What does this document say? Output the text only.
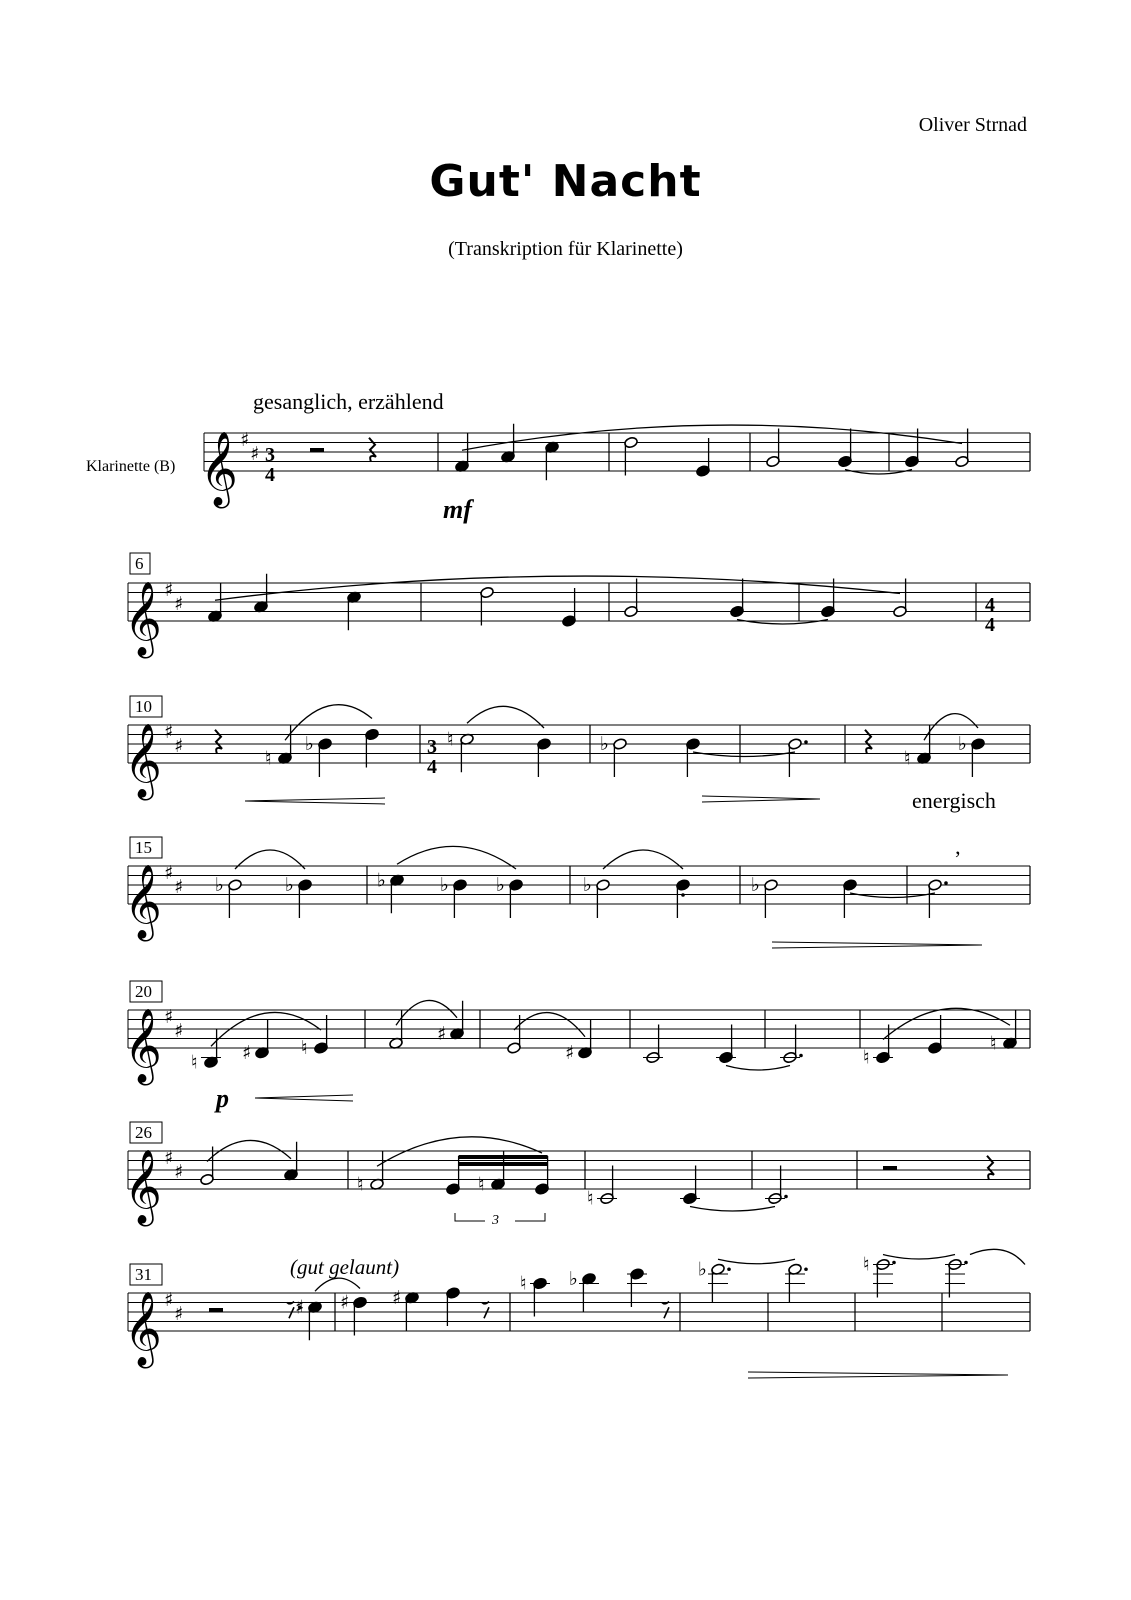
Oliver Strnad
Gut' Nacht
(Transkription für Klarinette)
♮
♭	♮	♭
♮
♭
♭	♭	♭	♭ ♭	♭	♭
♮ ♯	♮
♯
♯	♮
♮
♮	♮
♮
♯ ♯ ♯
♮ ♭	♭	♮
gesanglich, erzählend
Klarinette (B) 𝄞 ♯
♯ 3
4
mf
6
𝄞 ♯
♯	4
4
10
𝄞 ♯
♯	3
4
energisch
15
𝄞 ♯
♯
’
20
𝄞 ♯
♯
p
26
𝄞 ♯
♯
3
31
𝄞 ♯
♯
(gut gelaunt)
